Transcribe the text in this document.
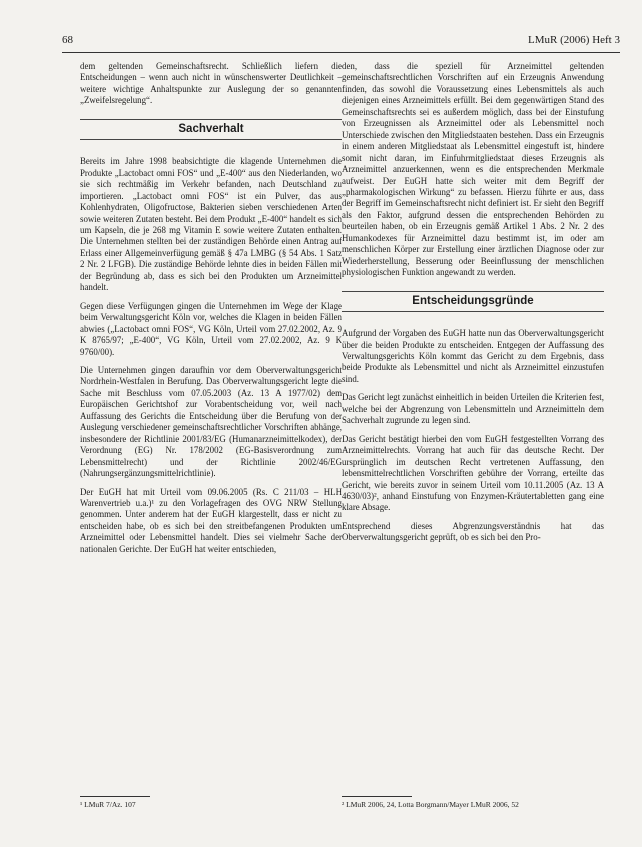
68	LMuR (2006) Heft 3

dem geltenden Gemeinschaftsrecht. Schließlich liefern die Entscheidungen – wenn auch nicht in wünschenswerter Deutlichkeit – weitere wichtige Anhaltspunkte zur Auslegung der so genannten „Zweifelsregelung“.

Sachverhalt

Bereits im Jahre 1998 beabsichtigte die klagende Unternehmen die Produkte „Lactobact omni FOS“ und „E-400“ aus den Niederlanden, wo sie sich rechtmäßig im Verkehr befanden, nach Deutschland zu importieren. „Lactobact omni FOS“ ist ein Pulver, das aus Kohlenhydraten, Oligofructose, Bakterien sieben verschiedenen Arten sowie weiteren Zutaten besteht. Bei dem Produkt „E-400“ handelt es sich um Kapseln, die je 268 mg Vitamin E sowie weitere Zutaten enthalten. Die Unternehmen stellten bei der zuständigen Behörde einen Antrag auf Erlass einer Allgemeinverfügung gemäß § 47a LMBG (§ 54 Abs. 1 Satz 2 Nr. 2 LFGB). Die zuständige Behörde lehnte dies in beiden Fällen mit der Begründung ab, dass es sich bei den Produkten um Arzneimittel handelt.

Gegen diese Verfügungen gingen die Unternehmen im Wege der Klage beim Verwaltungsgericht Köln vor, welches die Klagen in beiden Fällen abwies („Lactobact omni FOS“, VG Köln, Urteil vom 27.02.2002, Az. 9 K 8765/97; „E-400“, VG Köln, Urteil vom 27.02.2002, Az. 9 K 9760/00).

Die Unternehmen gingen daraufhin vor dem Oberverwaltungsgericht Nordrhein-Westfalen in Berufung. Das Oberverwaltungsgericht legte die Sache mit Beschluss vom 07.05.2003 (Az. 13 A 1977/02) dem Europäischen Gerichtshof zur Vorabentscheidung vor, weil nach Auffassung des Gerichts die Entscheidung über die Berufung von der Auslegung verschiedener gemeinschaftsrechtlicher Vorschriften abhänge, insbesondere der Richtlinie 2001/83/EG (Humanarzneimittelkodex), der Verordnung (EG) Nr. 178/2002 (EG-Basisverordnung zum Lebensmittelrecht) und der Richtlinie 2002/46/EG (Nahrungsergänzungsmittelrichtlinie).

Der EuGH hat mit Urteil vom 09.06.2005 (Rs. C 211/03 – HLH Warenvertrieb u.a.)¹ zu den Vorlagefragen des OVG NRW Stellung genommen. Unter anderem hat der EuGH klargestellt, dass er nicht zu entscheiden habe, ob es sich bei den streitbefangenen Produkten um Arzneimittel oder Lebensmittel handelt. Dies sei vielmehr Sache der nationalen Gerichte. Der EuGH hat weiter entschieden,

den, dass die speziell für Arzneimittel geltenden gemeinschaftsrechtlichen Vorschriften auf ein Erzeugnis Anwendung finden, das sowohl die Voraussetzung eines Lebensmittels als auch diejenigen eines Arzneimittels erfüllt. Bei dem gegenwärtigen Stand des Gemeinschaftsrechts sei es außerdem möglich, dass bei der Einstufung von Erzeugnissen als Arzneimittel oder als Lebensmittel noch Unterschiede zwischen den Mitgliedstaaten bestehen. Dass ein Erzeugnis in einem anderen Mitgliedstaat als Lebensmittel eingestuft ist, hindere somit nicht daran, im Einfuhrmitgliedstaat dieses Erzeugnis als Arzneimittel anzuerkennen, wenn es die entsprechenden Merkmale aufweist. Der EuGH hatte sich weiter mit dem Begriff der „pharmakologischen Wirkung“ zu befassen. Hierzu führte er aus, dass der Begriff im Gemeinschaftsrecht nicht definiert ist. Er sieht den Begriff als den Faktor, aufgrund dessen die entsprechenden Behörden zu beurteilen haben, ob ein Erzeugnis gemäß Artikel 1 Abs. 2 Nr. 2 des Humankodexes für Arzneimittel dazu bestimmt ist, im oder am menschlichen Körper zur Erstellung einer ärztlichen Diagnose oder zur Wiederherstellung, Besserung oder Beeinflussung der menschlichen physiologischen Funktion angewandt zu werden.

Entscheidungsgründe

Aufgrund der Vorgaben des EuGH hatte nun das Oberverwaltungsgericht über die beiden Produkte zu entscheiden. Entgegen der Auffassung des Verwaltungsgerichts Köln kommt das Gericht zu dem Ergebnis, dass beide Produkte als Lebensmittel und nicht als Arzneimittel einzustufen sind.

Das Gericht legt zunächst einheitlich in beiden Urteilen die Kriterien fest, welche bei der Abgrenzung von Lebensmitteln und Arzneimitteln dem Sachverhalt zugrunde zu legen sind.

Das Gericht bestätigt hierbei den vom EuGH festgestellten Vorrang des Arzneimittelrechts. Vorrang hat auch für das deutsche Recht. Der ursprünglich im deutschen Recht vertretenen Auffassung, den lebensmittelrechtlichen Vorschriften gebühre der Vorrang, erteilte das Gericht, wie bereits zuvor in seinem Urteil vom 10.11.2005 (Az. 13 A 4630/03)², anhand Einstufung von Enzymen-Kräutertabletten gang eine klare Absage.

Entsprechend dieses Abgrenzungsverständnis hat das Oberverwaltungsgericht geprüft, ob es sich bei den Pro-

¹ LMuR 7/Az. 107	² LMuR 2006, 24, Lotta Borgmann/Mayer LMuR 2006, 52
